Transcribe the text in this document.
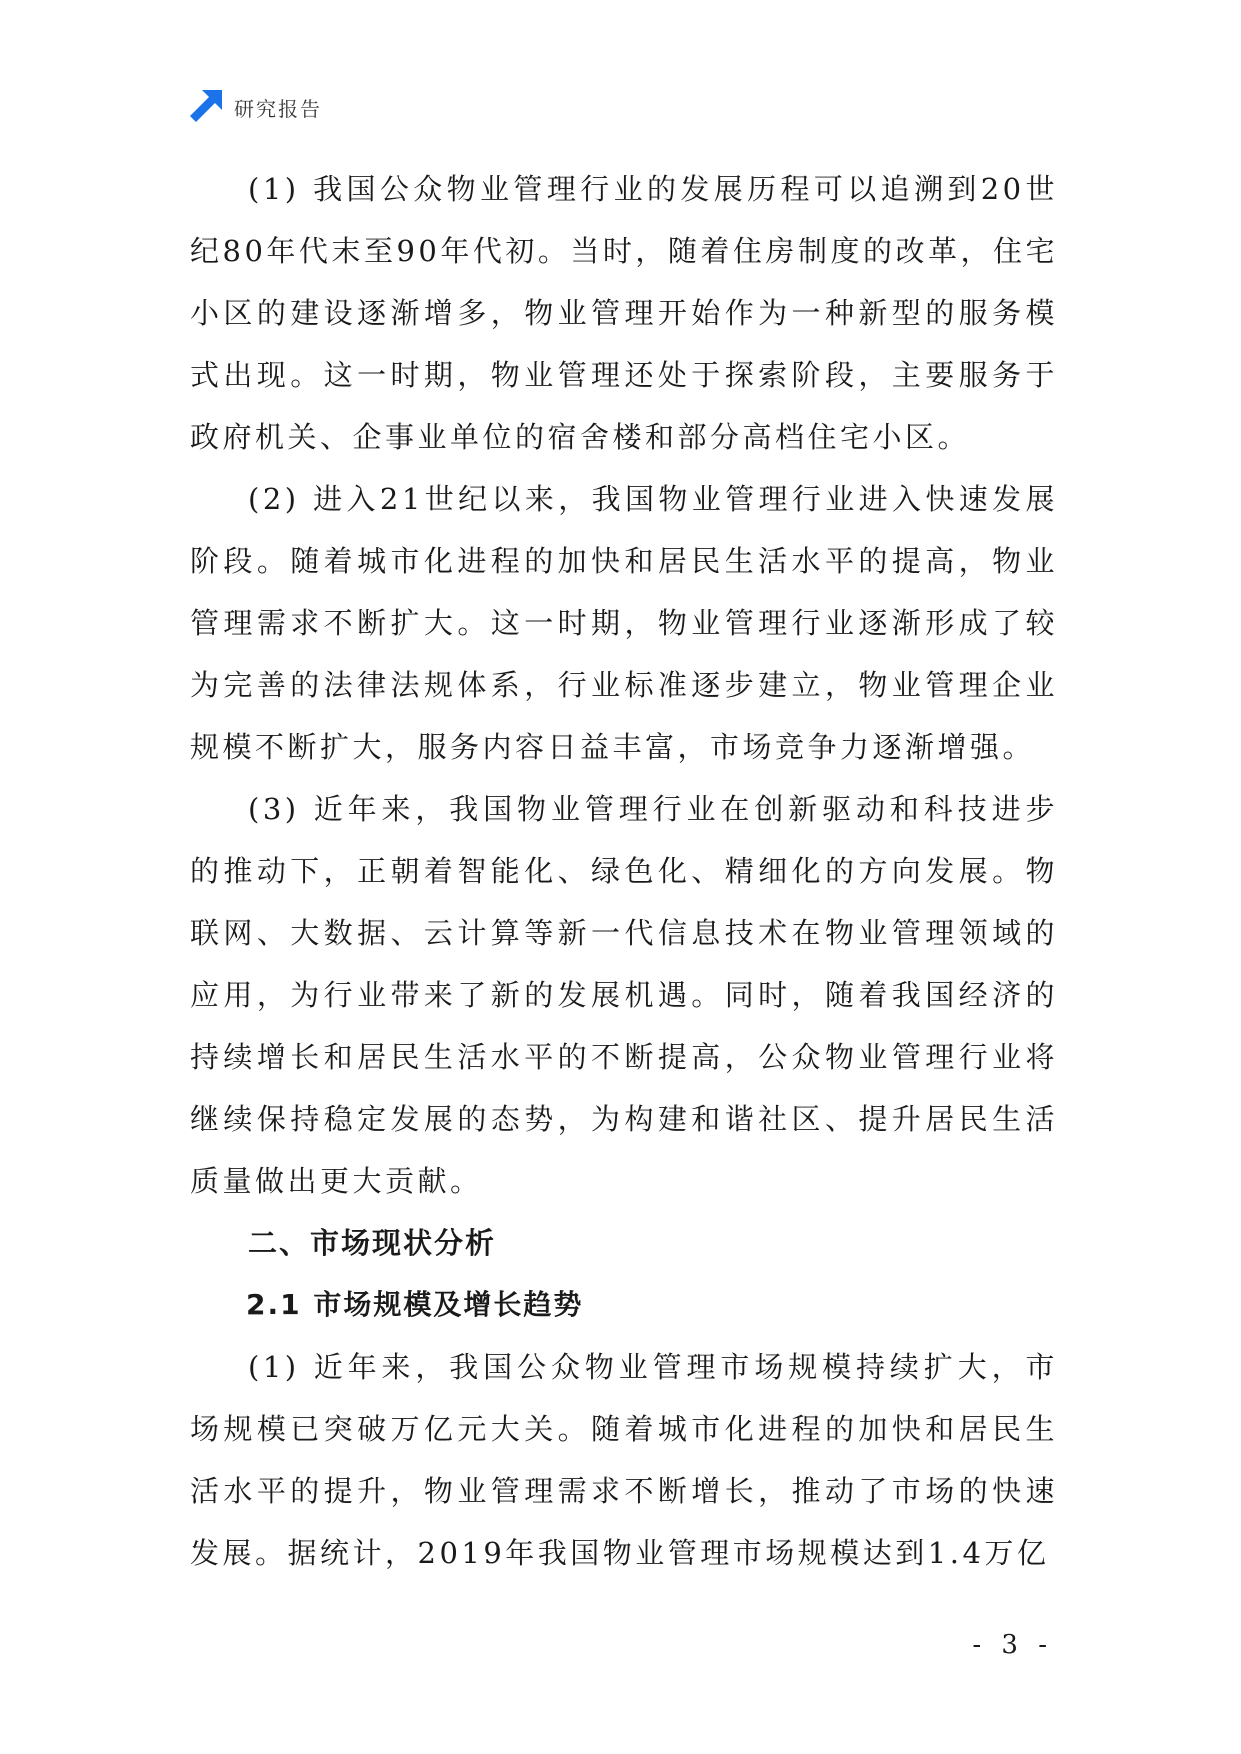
研究报告

(1) 我国公众物业管理行业的发展历程可以追溯到20世纪80年代末至90年代初。当时，随着住房制度的改革，住宅小区的建设逐渐增多，物业管理开始作为一种新型的服务模式出现。这一时期，物业管理还处于探索阶段，主要服务于政府机关、企事业单位的宿舍楼和部分高档住宅小区。

(2) 进入21世纪以来，我国物业管理行业进入快速发展阶段。随着城市化进程的加快和居民生活水平的提高，物业管理需求不断扩大。这一时期，物业管理行业逐渐形成了较为完善的法律法规体系，行业标准逐步建立，物业管理企业规模不断扩大，服务内容日益丰富，市场竞争力逐渐增强。

(3) 近年来，我国物业管理行业在创新驱动和科技进步的推动下，正朝着智能化、绿色化、精细化的方向发展。物联网、大数据、云计算等新一代信息技术在物业管理领域的应用，为行业带来了新的发展机遇。同时，随着我国经济的持续增长和居民生活水平的不断提高，公众物业管理行业将继续保持稳定发展的态势，为构建和谐社区、提升居民生活质量做出更大贡献。

二、市场现状分析
2.1 市场规模及增长趋势

(1) 近年来，我国公众物业管理市场规模持续扩大，市场规模已突破万亿元大关。随着城市化进程的加快和居民生活水平的提升，物业管理需求不断增长，推动了市场的快速发展。据统计，2019年我国物业管理市场规模达到1.4万亿

- 3 -
